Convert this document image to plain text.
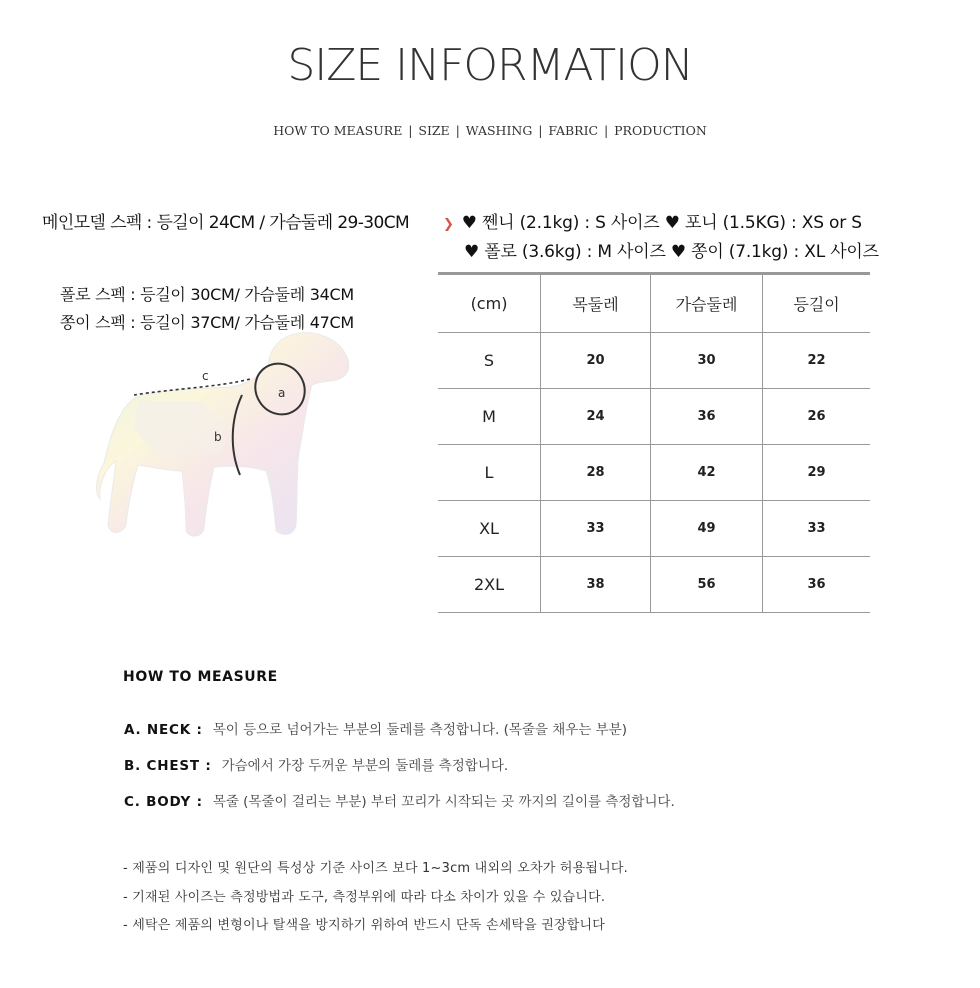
SIZE INFORMATION
HOW TO MEASURE | SIZE | WASHING | FABRIC | PRODUCTION
메인모델 스펙 : 등길이 24CM / 가슴둘레 29-30CM
폴로 스펙 : 등길이 30CM/ 가슴둘레 34CM
쫑이 스펙 : 등길이 37CM/ 가슴둘레 47CM
❯ ♥ 쩬니 (2.1kg) : S 사이즈 ♥ 포니 (1.5KG) : XS or S
♥ 폴로 (3.6kg) : M 사이즈 ♥ 쫑이 (7.1kg) : XL 사이즈
c
a
b
(cm)	목둘레	가슴둘레	등길이
S	20	30	22
M	24	36	26
L	28	42	29
XL	33	49	33
2XL	38	56	36
HOW TO MEASURE
A. NECK : 목이 등으로 넘어가는 부분의 둘레를 측정합니다. (목줄을 채우는 부분)
B. CHEST : 가슴에서 가장 두꺼운 부분의 둘레를 측정합니다.
C. BODY : 목줄 (목줄이 걸리는 부분) 부터 꼬리가 시작되는 곳 까지의 길이를 측정합니다.
- 제품의 디자인 및 원단의 특성상 기준 사이즈 보다 1~3cm 내외의 오차가 허용됩니다.
- 기재된 사이즈는 측정방법과 도구, 측정부위에 따라 다소 차이가 있을 수 있습니다.
- 세탁은 제품의 변형이나 탈색을 방지하기 위하여 반드시 단독 손세탁을 권장합니다
